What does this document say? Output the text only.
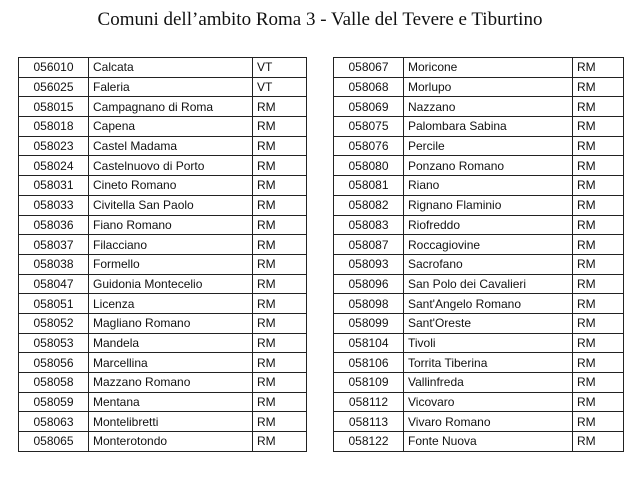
Comuni dell’ambito Roma 3 - Valle del Tevere e Tiburtino
056010	Calcata	VT
056025	Faleria	VT
058015	Campagnano di Roma	RM
058018	Capena	RM
058023	Castel Madama	RM
058024	Castelnuovo di Porto	RM
058031	Cineto Romano	RM
058033	Civitella San Paolo	RM
058036	Fiano Romano	RM
058037	Filacciano	RM
058038	Formello	RM
058047	Guidonia Montecelio	RM
058051	Licenza	RM
058052	Magliano Romano	RM
058053	Mandela	RM
058056	Marcellina	RM
058058	Mazzano Romano	RM
058059	Mentana	RM
058063	Montelibretti	RM
058065	Monterotondo	RM
058067	Moricone	RM
058068	Morlupo	RM
058069	Nazzano	RM
058075	Palombara Sabina	RM
058076	Percile	RM
058080	Ponzano Romano	RM
058081	Riano	RM
058082	Rignano Flaminio	RM
058083	Riofreddo	RM
058087	Roccagiovine	RM
058093	Sacrofano	RM
058096	San Polo dei Cavalieri	RM
058098	Sant'Angelo Romano	RM
058099	Sant'Oreste	RM
058104	Tivoli	RM
058106	Torrita Tiberina	RM
058109	Vallinfreda	RM
058112	Vicovaro	RM
058113	Vivaro Romano	RM
058122	Fonte Nuova	RM
